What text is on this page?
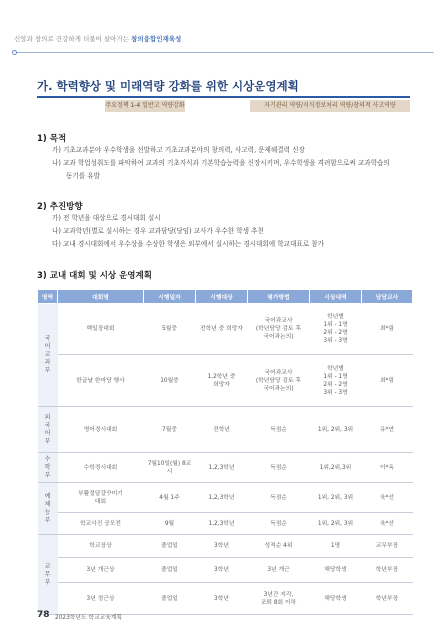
신앙과 창의로 건강하게 더불어 살아가는 창의융합인재육성
가. 학력향상 및 미래역량 강화를 위한 시상운영계획
주요정책 1-4 일반고 역량강화	자기관리 역량/지식정보처리 역량/창의적 사고역량
1) 목적
가) 기초교과분야 우수학생을 선발하고 기초교과분야의 창의력, 사고력, 문제해결력 신장
나) 교과 학업성취도를 파악하여 교과의 기초지식과 기본학습능력을 신장시키며, 우수학생을 격려함으로써 교과학습의
동기를 유발
2) 추진방향
가) 전 학년을 대상으로 경시대회 실시
나) 교과학년(별로 실시하는 경우 교과담당(당임) 교사가 우수한 학생 추천
다) 교내 경시대회에서 우수상을 수상한 학생은 외부에서 실시하는 경시대회에 학교대표로 참가
3) 교내 대회 및 시상 운영계획
영역	대회명	시행일자	시행대상	평가방법	시상내역	담당교사
국어교과부	백일장대회	5월중	전학년 중 희망자	국어과교사
(학년담당 검토 후
국어과논의)	학년별
1위 - 1명
2위 - 2명
3위 - 3명	최*림
	한글날 한마당 행사	10월중	1,2학년 중
희망자	국어과교사
(학년담당 검토 후
국어과논의)	학년별
1위 - 1명
2위 - 2명
3위 - 3명	최*림
외국어부	영어경시대회	7월중	전학년	득점순	1위, 2위, 3위	유*연
수학부	수학경시대회	7월10일(월) 8교시	1,2,3학년	득점순	1위,2위,3위	이*옥
예체능부	부활절달걀꾸미기
대회	4월 1주	1,2,3학년	득점순	1위, 2위, 3위	육*선
	학교사진 공모전	9월	1,2,3학년	득점순	1위, 2위, 3위	육*선
교무부	학교장상	졸업일	3학년	성적순 4위	1명	교무부장
	3년 개근상	졸업일	3학년	3년 개근	해당학생	학년부장
	3년 정근상	졸업일	3학년	3년간 지각,
조퇴 8회 이하	해당학생	학년부장
78 2023학년도 학교교육계획
